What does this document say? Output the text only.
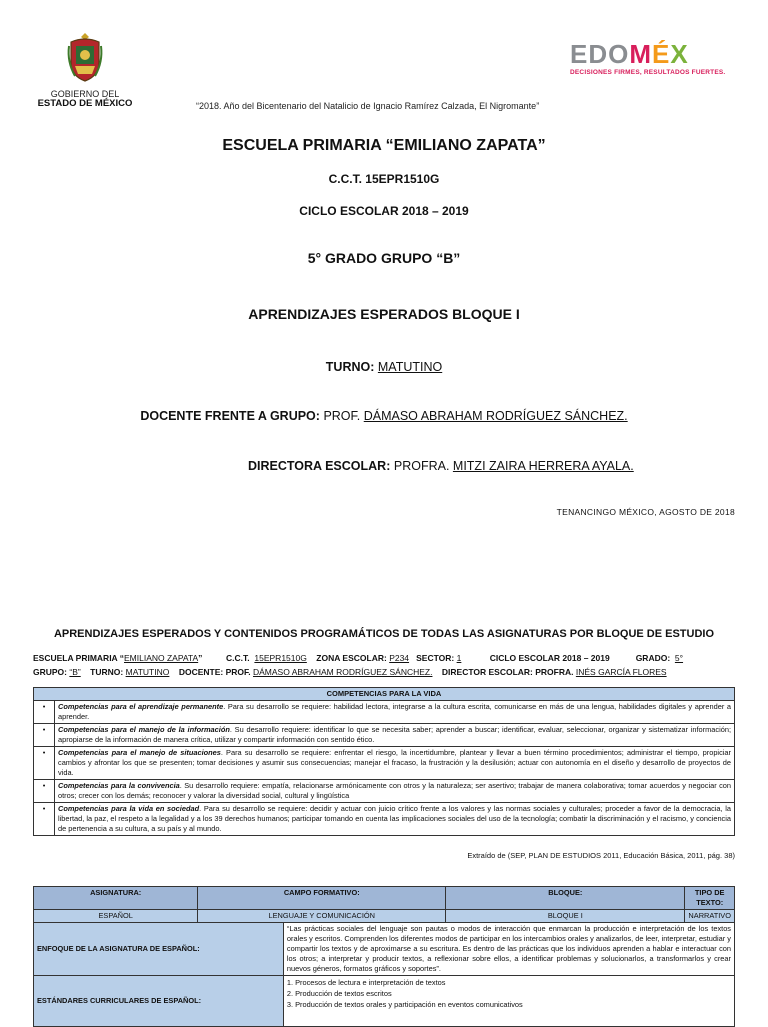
GOBIERNO DEL
ESTADO DE MÉXICO
EDOMÉX
DECISIONES FIRMES, RESULTADOS FUERTES.
“2018. Año del Bicentenario del Natalicio de Ignacio Ramírez Calzada, El Nigromante”
ESCUELA PRIMARIA “EMILIANO ZAPATA”
C.C.T. 15EPR1510G
CICLO ESCOLAR 2018 – 2019
5° GRADO GRUPO “B”
APRENDIZAJES ESPERADOS BLOQUE I
TURNO: MATUTINO
DOCENTE FRENTE A GRUPO: PROF. DÁMASO ABRAHAM RODRÍGUEZ SÁNCHEZ.
DIRECTORA ESCOLAR: PROFRA. MITZI ZAIRA HERRERA AYALA.
TENANCINGO MÉXICO, AGOSTO DE 2018
APRENDIZAJES ESPERADOS Y CONTENIDOS PROGRAMÁTICOS DE TODAS LAS ASIGNATURAS POR BLOQUE DE ESTUDIO
ESCUELA PRIMARIA “EMILIANO ZAPATA”	C.C.T. 15EPR1510G ZONA ESCOLAR: P234 SECTOR: 1	CICLO ESCOLAR 2018 – 2019	GRADO: 5°
GRUPO: “B” TURNO: MATUTINO DOCENTE: PROF. DÁMASO ABRAHAM RODRÍGUEZ SÁNCHEZ. DIRECTOR ESCOLAR: PROFRA. INÉS GARCÍA FLORES
COMPETENCIAS PARA LA VIDA	
•	Competencias para el aprendizaje permanente. Para su desarrollo se requiere: habilidad lectora, integrarse a la cultura escrita, comunicarse en más de una lengua, habilidades digitales y aprender a aprender.
•	Competencias para el manejo de la información. Su desarrollo requiere: identificar lo que se necesita saber; aprender a buscar; identificar, evaluar, seleccionar, organizar y sistematizar información; apropiarse de la información de manera crítica, utilizar y compartir información con sentido ético.
•	Competencias para el manejo de situaciones. Para su desarrollo se requiere: enfrentar el riesgo, la incertidumbre, plantear y llevar a buen término procedimientos; administrar el tiempo, propiciar cambios y afrontar los que se presenten; tomar decisiones y asumir sus consecuencias; manejar el fracaso, la frustración y la desilusión; actuar con autonomía en el diseño y desarrollo de proyectos de vida.
•	Competencias para la convivencia. Su desarrollo requiere: empatía, relacionarse armónicamente con otros y la naturaleza; ser asertivo; trabajar de manera colaborativa; tomar acuerdos y negociar con otros; crecer con los demás; reconocer y valorar la diversidad social, cultural y lingüística
•	Competencias para la vida en sociedad. Para su desarrollo se requiere: decidir y actuar con juicio crítico frente a los valores y las normas sociales y culturales; proceder a favor de la democracia, la libertad, la paz, el respeto a la legalidad y a los 39 derechos humanos; participar tomando en cuenta las implicaciones sociales del uso de la tecnología; combatir la discriminación y el racismo, y conciencia de pertenencia a su cultura, a su país y al mundo.
Extraído de (SEP, PLAN DE ESTUDIOS 2011, Educación Básica, 2011, pág. 38)
ASIGNATURA:	CAMPO FORMATIVO:		BLOQUE:	TIPO DE TEXTO:
ESPAÑOL	LENGUAJE Y COMUNICACIÓN		BLOQUE I	NARRATIVO
ENFOQUE DE LA ASIGNATURA DE ESPAÑOL:		“Las prácticas sociales del lenguaje son pautas o modos de interacción que enmarcan la producción e interpretación de los textos orales y escritos. Comprenden los diferentes modos de participar en los intercambios orales y analizarlos, de leer, interpretar, estudiar y compartir los textos y de aproximarse a su escritura. Es dentro de las prácticas que los individuos aprenden a hablar e interactuar con los otros; a interpretar y producir textos, a reflexionar sobre ellos, a identificar problemas y solucionarlos, a transformarlos y crear nuevos géneros, formatos gráficos y soportes”.		
ESTÁNDARES CURRICULARES DE ESPAÑOL:		1. Procesos de lectura e interpretación de textos
2. Producción de textos escritos
3. Producción de textos orales y participación en eventos comunicativos		
